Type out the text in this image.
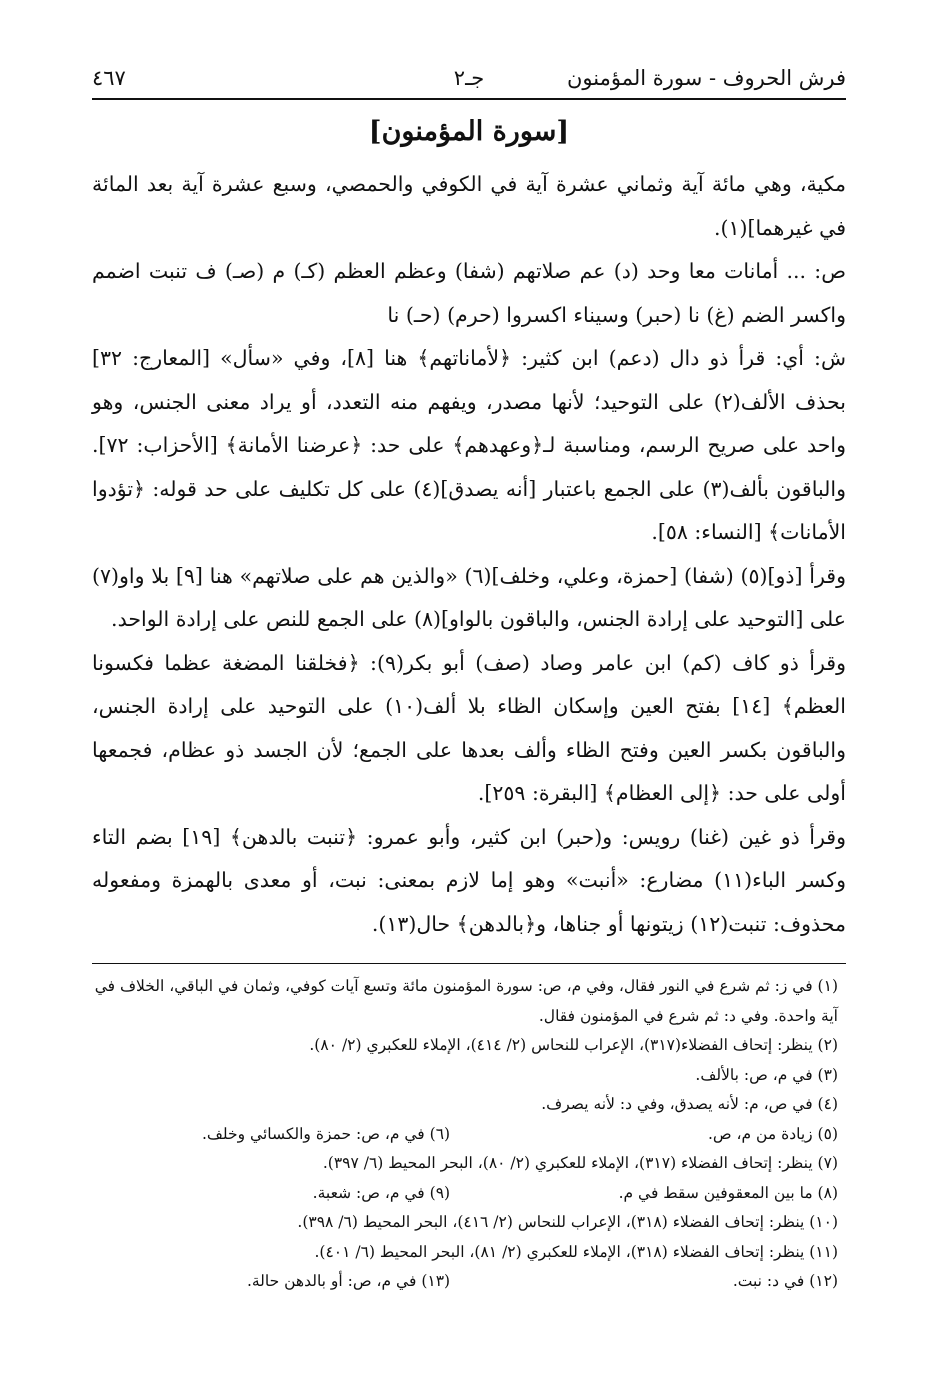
فرش الحروف - سورة المؤمنون
جـ٢
٤٦٧
[سورة المؤمنون]

مكية، وهي مائة آية وثماني عشرة آية في الكوفي والحمصي، وسبع عشرة آية بعد المائة في غيرهما](١).

ص: ... أمانات معا وحد (د) عم صلاتهم (شفا) وعظم العظم (كـ) م (صـ) ف تنبت اضمم واكسر الضم (غ) نا (حبر) وسيناء اكسروا (حرم) (حـ) نا

ش: أي: قرأ ذو دال (دعم) ابن كثير: ﴿لأماناتهم﴾ هنا [٨]، وفي «سأل» [المعارج: ٣٢] بحذف الألف(٢) على التوحيد؛ لأنها مصدر، ويفهم منه التعدد، أو يراد معنى الجنس، وهو واحد على صريح الرسم، ومناسبة لـ﴿وعهدهم﴾ على حد: ﴿عرضنا الأمانة﴾ [الأحزاب: ٧٢]. والباقون بألف(٣) على الجمع باعتبار [أنه يصدق](٤) على كل تكليف على حد قوله: ﴿تؤدوا الأمانات﴾ [النساء: ٥٨].

وقرأ [ذو](٥) (شفا) [حمزة، وعلي، وخلف](٦) «والذين هم على صلاتهم» هنا [٩] بلا واو(٧) على [التوحيد على إرادة الجنس، والباقون بالواو](٨) على الجمع للنص على إرادة الواحد.

وقرأ ذو كاف (كم) ابن عامر وصاد (صف) أبو بكر(٩): ﴿فخلقنا المضغة عظما فكسونا العظم﴾ [١٤] بفتح العين وإسكان الظاء بلا ألف(١٠) على التوحيد على إرادة الجنس، والباقون بكسر العين وفتح الظاء وألف بعدها على الجمع؛ لأن الجسد ذو عظام، فجمعها أولى على حد: ﴿إلى العظام﴾ [البقرة: ٢٥٩].

وقرأ ذو غين (غنا) رويس: و(حبر) ابن كثير، وأبو عمرو: ﴿تنبت بالدهن﴾ [١٩] بضم التاء وكسر الباء(١١) مضارع: «أنبت» وهو إما لازم بمعنى: نبت، أو معدى بالهمزة ومفعوله محذوف: تنبت(١٢) زيتونها أو جناها، و﴿بالدهن﴾ حال(١٣).

(١) في ز: ثم شرع في النور فقال، وفي م، ص: سورة المؤمنون مائة وتسع آيات كوفي، وثمان في الباقي، الخلاف في آية واحدة. وفي د: ثم شرع في المؤمنون فقال.

(٢) ينظر: إتحاف الفضلاء(٣١٧)، الإعراب للنحاس (٢/ ٤١٤)، الإملاء للعكبري (٢/ ٨٠).

(٣) في م، ص: بالألف.

(٤) في ص، م: لأنه يصدق، وفي د: لأنه يصرف.

(٥) زيادة من م، ص.(٦) في م، ص: حمزة والكسائي وخلف.

(٧) ينظر: إتحاف الفضلاء (٣١٧)، الإملاء للعكبري (٢/ ٨٠)، البحر المحيط (٦/ ٣٩٧).

(٨) ما بين المعقوفين سقط في م.(٩) في م، ص: شعبة.

(١٠) ينظر: إتحاف الفضلاء (٣١٨)، الإعراب للنحاس (٢/ ٤١٦)، البحر المحيط (٦/ ٣٩٨).

(١١) ينظر: إتحاف الفضلاء (٣١٨)، الإملاء للعكبري (٢/ ٨١)، البحر المحيط (٦/ ٤٠١).

(١٢) في د: نبت.(١٣) في م، ص: أو بالدهن حالة.
